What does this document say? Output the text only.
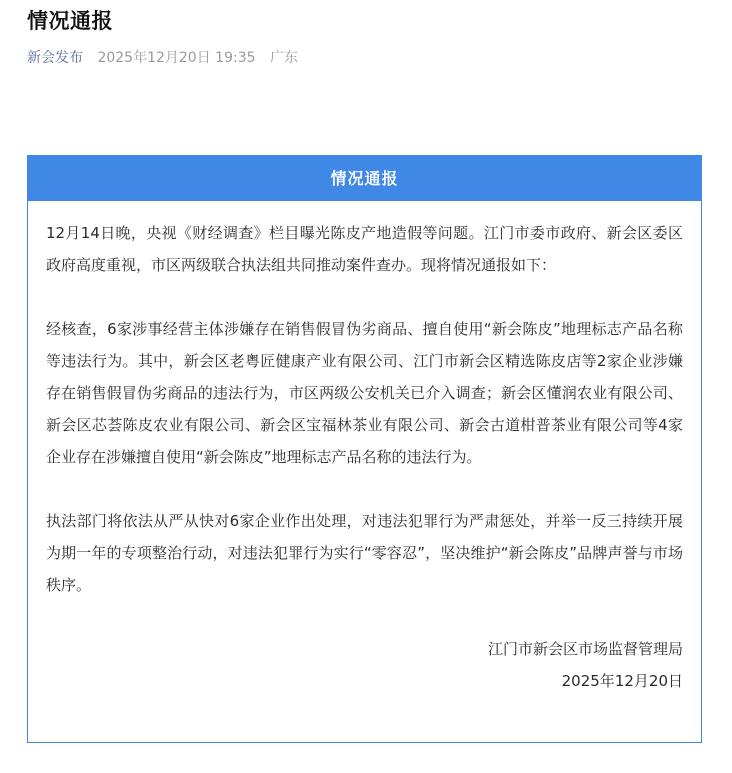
情况通报
新会发布 2025年12月20日 19:35 广东
情况通报

12月14日晚，央视《财经调查》栏目曝光陈皮产地造假等问题。江门市委市政府、新会区委区政府高度重视，市区两级联合执法组共同推动案件查办。现将情况通报如下：

经核查，6家涉事经营主体涉嫌存在销售假冒伪劣商品、擅自使用“新会陈皮”地理标志产品名称等违法行为。其中，新会区老粤匠健康产业有限公司、江门市新会区精选陈皮店等2家企业涉嫌存在销售假冒伪劣商品的违法行为，市区两级公安机关已介入调查；新会区懂润农业有限公司、新会区芯荟陈皮农业有限公司、新会区宝福林茶业有限公司、新会古道柑普茶业有限公司等4家企业存在涉嫌擅自使用“新会陈皮”地理标志产品名称的违法行为。

执法部门将依法从严从快对6家企业作出处理，对违法犯罪行为严肃惩处，并举一反三持续开展为期一年的专项整治行动，对违法犯罪行为实行“零容忍”，坚决维护“新会陈皮”品牌声誉与市场秩序。

江门市新会区市场监督管理局
2025年12月20日
